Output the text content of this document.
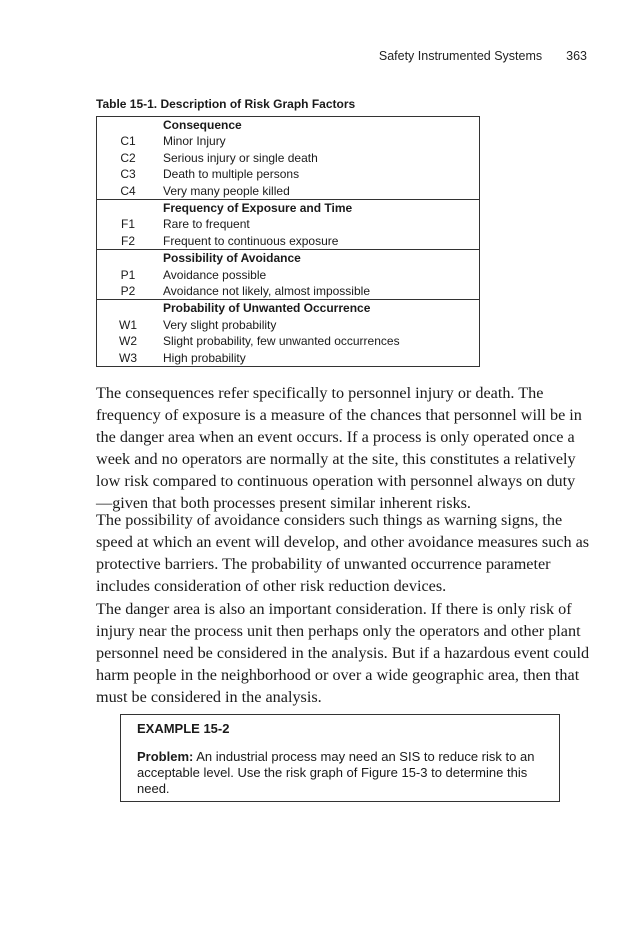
Safety Instrumented Systems 363
Table 15-1. Description of Risk Graph Factors
	Consequence
C1	Minor Injury
C2	Serious injury or single death
C3	Death to multiple persons
C4	Very many people killed
	Frequency of Exposure and Time
F1	Rare to frequent
F2	Frequent to continuous exposure
	Possibility of Avoidance
P1	Avoidance possible
P2	Avoidance not likely, almost impossible
	Probability of Unwanted Occurrence
W1	Very slight probability
W2	Slight probability, few unwanted occurrences
W3	High probability

The consequences refer specifically to personnel injury or death. The frequency of exposure is a measure of the chances that personnel will be in the danger area when an event occurs. If a process is only operated once a week and no operators are normally at the site, this constitutes a relatively low risk compared to continuous operation with personnel always on duty—given that both processes present similar inherent risks.

The possibility of avoidance considers such things as warning signs, the speed at which an event will develop, and other avoidance measures such as protective barriers. The probability of unwanted occurrence parameter includes consideration of other risk reduction devices.

The danger area is also an important consideration. If there is only risk of injury near the process unit then perhaps only the operators and other plant personnel need be considered in the analysis. But if a hazardous event could harm people in the neighborhood or over a wide geographic area, then that must be considered in the analysis.

EXAMPLE 15-2

Problem: An industrial process may need an SIS to reduce risk to an acceptable level. Use the risk graph of Figure 15-3 to determine this need.
